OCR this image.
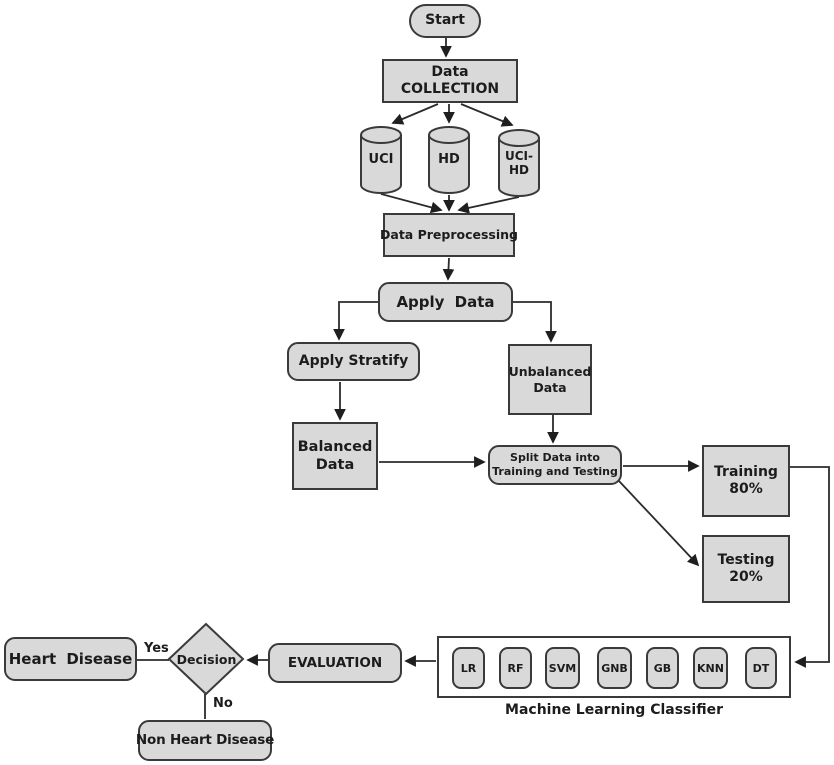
Start
Data
COLLECTION
UCI	HD	UCI-
HD
Data Preprocessing
Apply Data
Apply Stratify
Unbalanced
Data
Balanced
Data	Split Data into
Training and Testing	Training
80%
Testing
20%
LR	RF SVM GNB GB KNN	DT
Machine Learning Classifier
EVALUATION
Decision
Heart Disease
Non Heart Disease
Yes
No
